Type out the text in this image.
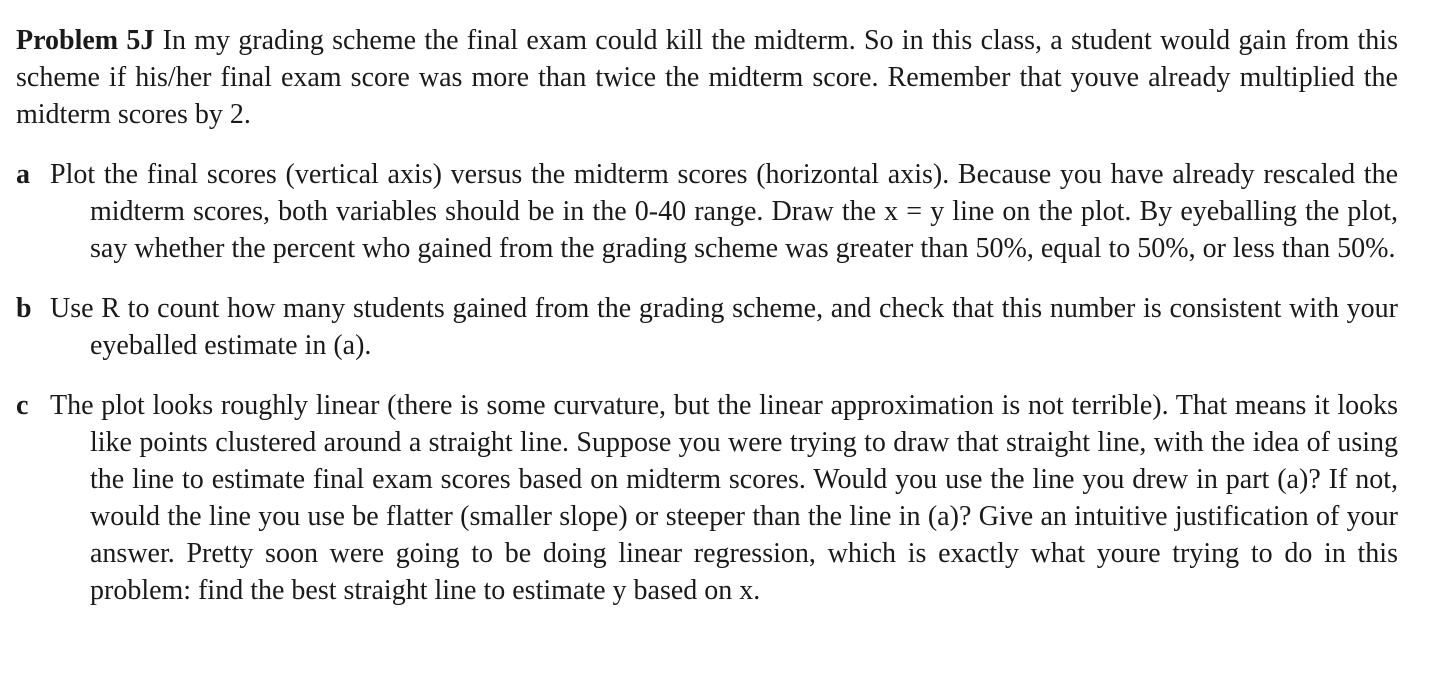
Problem 5J In my grading scheme the final exam could kill the midterm. So in this class, a student would gain from this scheme if his/her final exam score was more than twice the midterm score. Remember that youve already multiplied the midterm scores by 2.

a Plot the final scores (vertical axis) versus the midterm scores (horizontal axis). Because you have already rescaled the midterm scores, both variables should be in the 0-40 range. Draw the x = y line on the plot. By eyeballing the plot, say whether the percent who gained from the grading scheme was greater than 50%, equal to 50%, or less than 50%.

b Use R to count how many students gained from the grading scheme, and check that this number is consistent with your eyeballed estimate in (a).

c The plot looks roughly linear (there is some curvature, but the linear approximation is not terrible). That means it looks like points clustered around a straight line. Suppose you were trying to draw that straight line, with the idea of using the line to estimate final exam scores based on midterm scores. Would you use the line you drew in part (a)? If not, would the line you use be flatter (smaller slope) or steeper than the line in (a)? Give an intuitive justification of your answer. Pretty soon were going to be doing linear regression, which is exactly what youre trying to do in this problem: find the best straight line to estimate y based on x.
